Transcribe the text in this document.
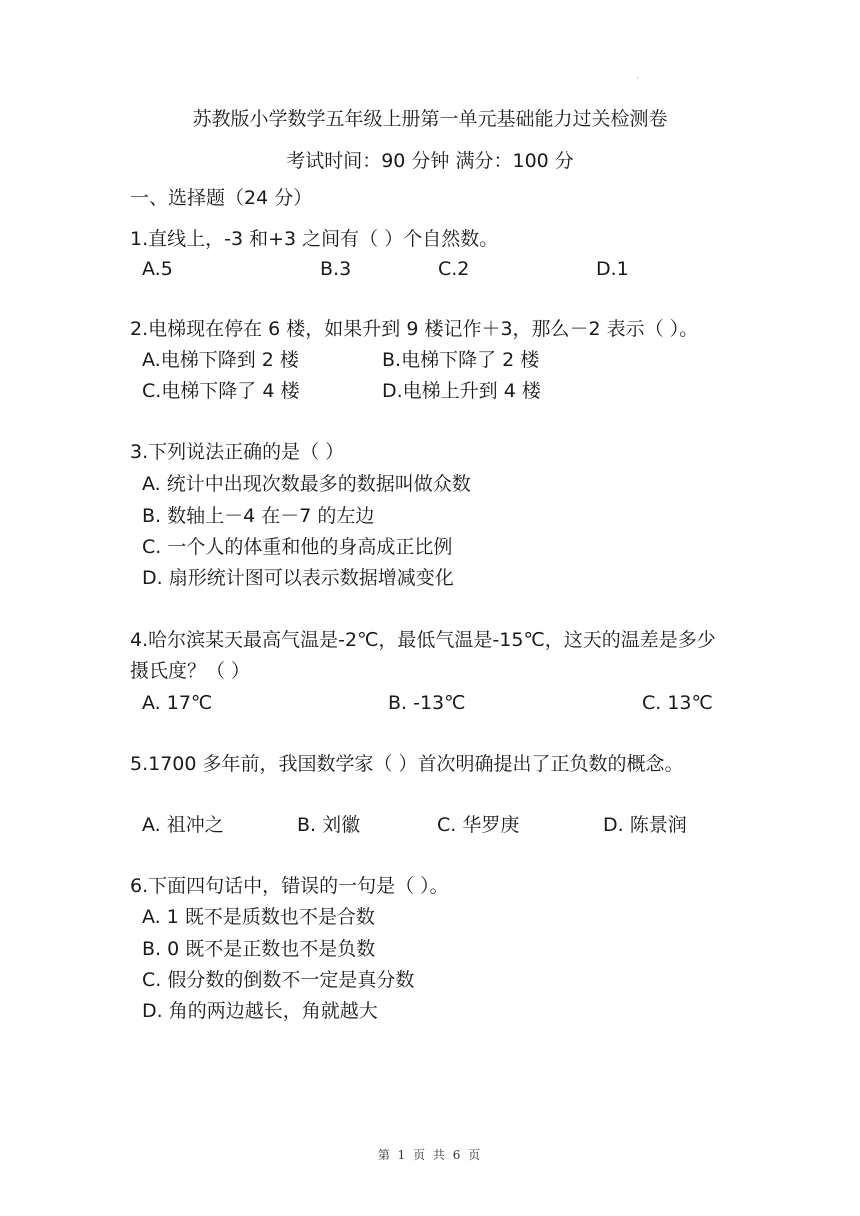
·
苏教版小学数学五年级上册第一单元基础能力过关检测卷
考试时间：90 分钟 满分：100 分
一、选择题（24 分）
1.直线上，-3 和+3 之间有（ ）个自然数。
A.5	B.3	C.2	D.1
2.电梯现在停在 6 楼，如果升到 9 楼记作＋3，那么－2 表示（ ）。
A.电梯下降到 2 楼	B.电梯下降了 2 楼
C.电梯下降了 4 楼	D.电梯上升到 4 楼
3.下列说法正确的是（ ）
A. 统计中出现次数最多的数据叫做众数
B. 数轴上－4 在－7 的左边
C. 一个人的体重和他的身高成正比例
D. 扇形统计图可以表示数据增减变化
4.哈尔滨某天最高气温是-2℃，最低气温是-15℃，这天的温差是多少
摄氏度？（ ）
A. 17℃	B. -13℃	C. 13℃
5.1700 多年前，我国数学家（ ）首次明确提出了正负数的概念。
A. 祖冲之	B. 刘徽	C. 华罗庚	D. 陈景润
6.下面四句话中，错误的一句是（ ）。
A. 1 既不是质数也不是合数
B. 0 既不是正数也不是负数
C. 假分数的倒数不一定是真分数
D. 角的两边越长，角就越大
第 1 页 共 6 页
